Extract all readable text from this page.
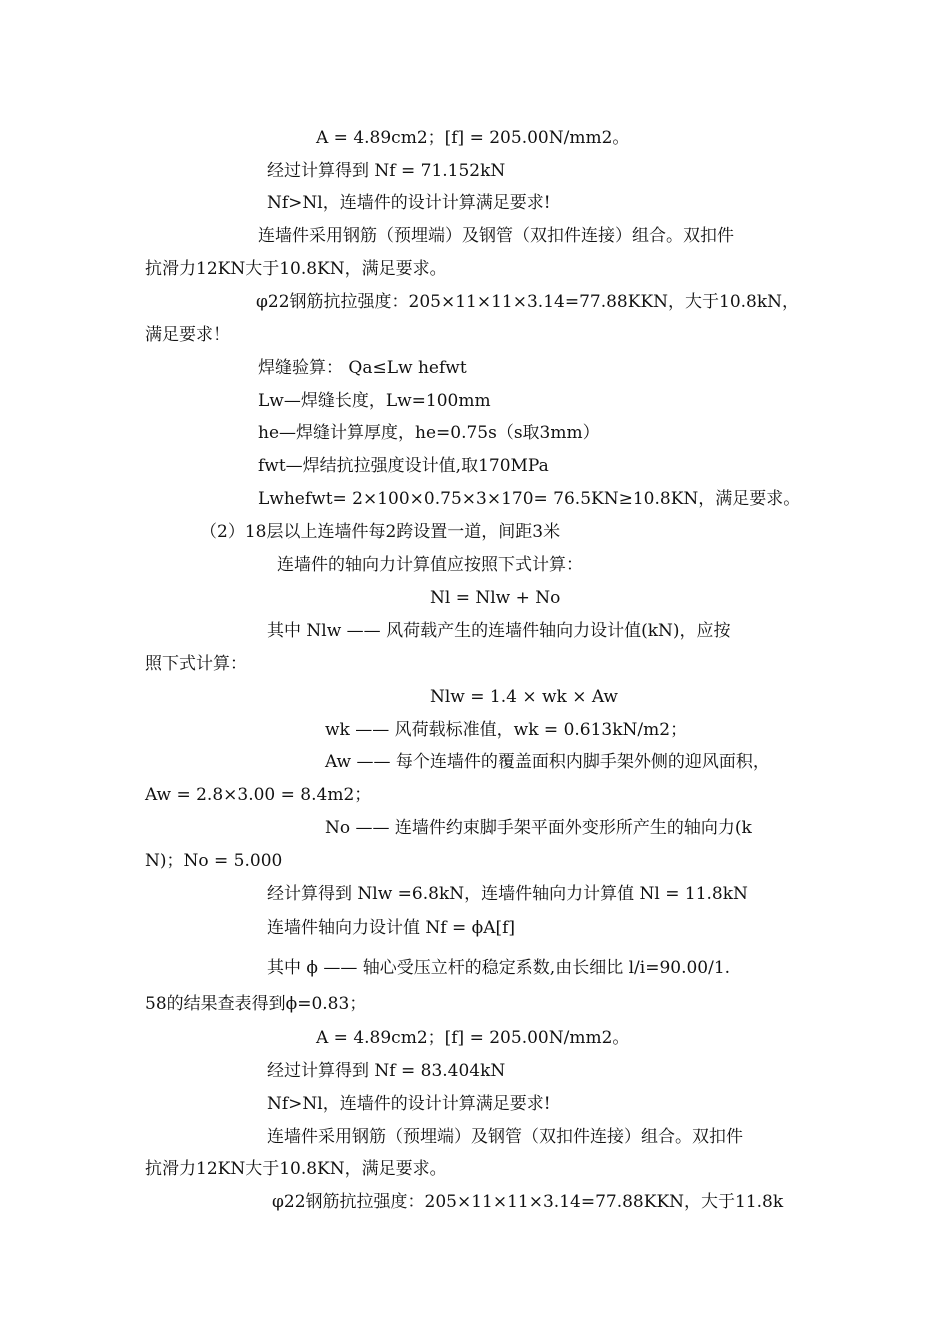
A = 4.89cm2；[f] = 205.00N/mm2。
经过计算得到 Nf = 71.152kN
Nf>Nl，连墙件的设计计算满足要求!
连墙件采用钢筋（预埋端）及钢管（双扣件连接）组合。双扣件
抗滑力12KN大于10.8KN，满足要求。
φ22钢筋抗拉强度：205×11×11×3.14=77.88KKN，大于10.8kN，
满足要求！
焊缝验算： Qa≤Lw hefwt
Lw—焊缝长度，Lw=100mm
he—焊缝计算厚度，he=0.75s（s取3mm）
fwt—焊结抗拉强度设计值,取170MPa
Lwhefwt= 2×100×0.75×3×170= 76.5KN≥10.8KN，满足要求。
（2）18层以上连墙件每2跨设置一道，间距3米
连墙件的轴向力计算值应按照下式计算：
Nl = Nlw + No
其中 Nlw —— 风荷载产生的连墙件轴向力设计值(kN)，应按
照下式计算：
Nlw = 1.4 × wk × Aw
wk —— 风荷载标准值，wk = 0.613kN/m2；
Aw —— 每个连墙件的覆盖面积内脚手架外侧的迎风面积，
Aw = 2.8×3.00 = 8.4m2；
No —— 连墙件约束脚手架平面外变形所产生的轴向力(k
N)；No = 5.000
经计算得到 Nlw =6.8kN，连墙件轴向力计算值 Nl = 11.8kN
连墙件轴向力设计值 Nf = ϕA[f]
其中 ϕ —— 轴心受压立杆的稳定系数,由长细比 l/i=90.00/1.
58的结果查表得到ϕ=0.83；
A = 4.89cm2；[f] = 205.00N/mm2。
经过计算得到 Nf = 83.404kN
Nf>Nl，连墙件的设计计算满足要求!
连墙件采用钢筋（预埋端）及钢管（双扣件连接）组合。双扣件
抗滑力12KN大于10.8KN，满足要求。
φ22钢筋抗拉强度：205×11×11×3.14=77.88KKN，大于11.8k
